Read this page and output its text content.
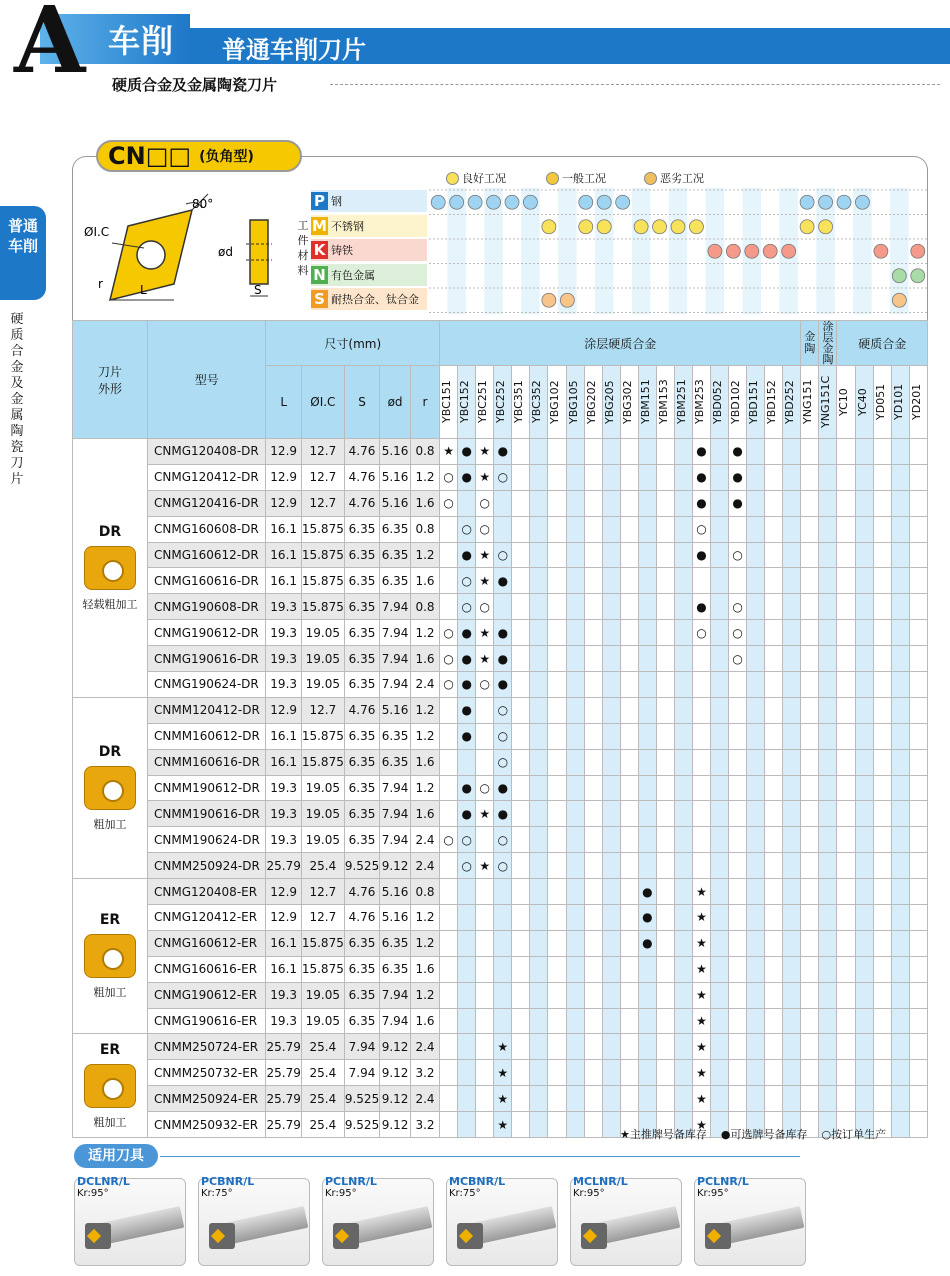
A 车削 普通车削刀片
硬质合金及金属陶瓷刀片
普通
车削
硬
质
合
金
及
金
属
陶
瓷
刀
片
CN□□ (负角型)
80°
ØI.C
L
r
ød
S
良好工况	一般工况	恶劣工况
工
件
材
料
P 钢
M 不锈钢
K 铸铁
N 有色金属
S 耐热合金、钛合金
刀片
外形	型号	尺寸(mm)					涂层硬质合金																				金陶	涂层金陶	硬质合金				
		L	ØI.C	S	ød	r	YBC151	YBC152	YBC251	YBC252	YBC351	YBC352	YBG102	YBG105	YBG202	YBG205	YBG302	YBM151	YBM153	YBM251	YBM253	YBD052	YBD102	YBD151	YBD152	YBD252	YNG151	YNG151C	YC10	YC40	YD051	YD101	YD201

DR
轻载粗加工	CNMG120408-DR	12.9	12.7	4.76	5.16	0.8	★	●	★	●											●		●										
	CNMG120412-DR	12.9	12.7	4.76	5.16	1.2	○	●	★	○											●		●										
	CNMG120416-DR	12.9	12.7	4.76	5.16	1.6	○		○												●		●										
	CNMG160608-DR	16.1	15.875	6.35	6.35	0.8		○	○												○												
	CNMG160612-DR	16.1	15.875	6.35	6.35	1.2		●	★	○											●		○										
	CNMG160616-DR	16.1	15.875	6.35	6.35	1.6		○	★	●																							
	CNMG190608-DR	19.3	15.875	6.35	7.94	0.8		○	○												●		○										
	CNMG190612-DR	19.3	19.05	6.35	7.94	1.2	○	●	★	●											○		○										
	CNMG190616-DR	19.3	19.05	6.35	7.94	1.6	○	●	★	●													○										
	CNMG190624-DR	19.3	19.05	6.35	7.94	2.4	○	●	○	●																							

DR
粗加工	CNMM120412-DR	12.9	12.7	4.76	5.16	1.2		●		○																							
	CNMM160612-DR	16.1	15.875	6.35	6.35	1.2		●		○																							
	CNMM160616-DR	16.1	15.875	6.35	6.35	1.6				○																							
	CNMM190612-DR	19.3	19.05	6.35	7.94	1.2		●	○	●																							
	CNMM190616-DR	19.3	19.05	6.35	7.94	1.6		●	★	●																							
	CNMM190624-DR	19.3	19.05	6.35	7.94	2.4	○	○		○																							
	CNMM250924-DR	25.79	25.4	9.525	9.12	2.4		○	★	○																							

ER
粗加工	CNMG120408-ER	12.9	12.7	4.76	5.16	0.8												●			★												
	CNMG120412-ER	12.9	12.7	4.76	5.16	1.2												●			★												
	CNMG160612-ER	16.1	15.875	6.35	6.35	1.2												●			★												
	CNMG160616-ER	16.1	15.875	6.35	6.35	1.6															★												
	CNMG190612-ER	19.3	19.05	6.35	7.94	1.2															★												
	CNMG190616-ER	19.3	19.05	6.35	7.94	1.6															★												

ER
粗加工	CNMM250724-ER	25.79	25.4	7.94	9.12	2.4				★											★												
	CNMM250732-ER	25.79	25.4	7.94	9.12	3.2				★											★												
	CNMM250924-ER	25.79	25.4	9.525	9.12	2.4				★											★												
	CNMM250932-ER	25.79	25.4	9.525	9.12	3.2				★											★												
★主推牌号备库存 ●可选牌号备库存 ○按订单生产
适用刀具
DCLNR/L
Kr:95°
PCBNR/L
Kr:75°
PCLNR/L
Kr:95°
MCBNR/L
Kr:75°
MCLNR/L
Kr:95°
PCLNR/L
Kr:95°
